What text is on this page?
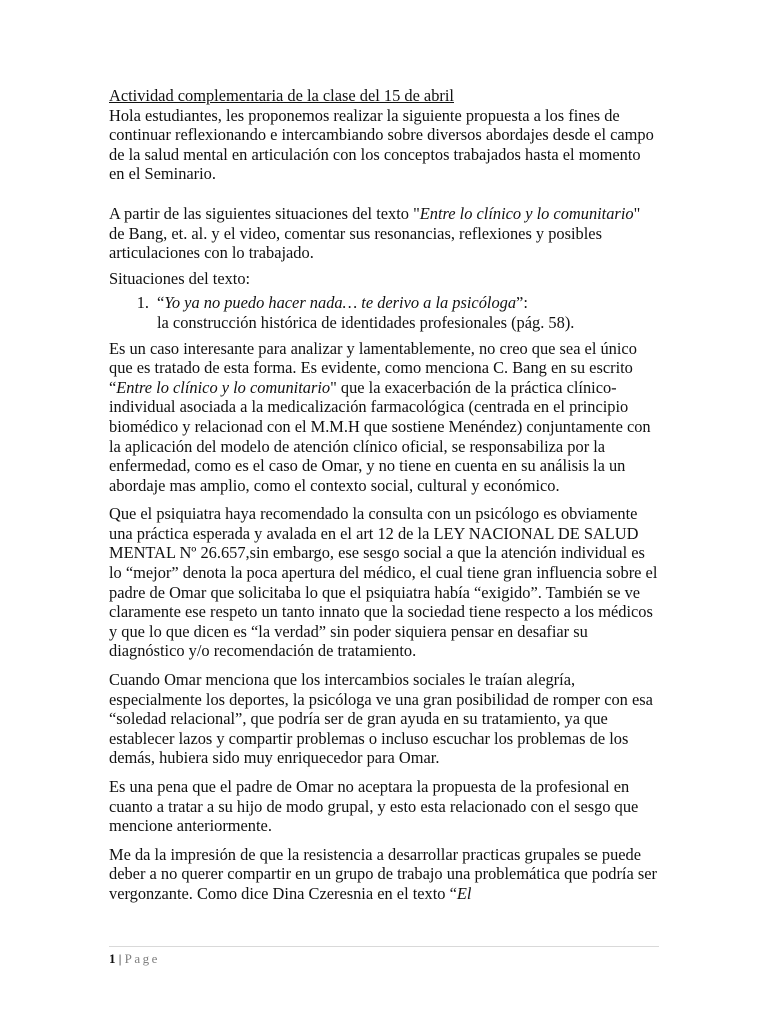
Actividad complementaria de la clase del 15 de abril

Hola estudiantes, les proponemos realizar la siguiente propuesta a los fines de continuar reflexionando e intercambiando sobre diversos abordajes desde el campo de la salud mental en articulación con los conceptos trabajados hasta el momento en el Seminario.

A partir de las siguientes situaciones del texto "Entre lo clínico y lo comunitario" de Bang, et. al. y el video, comentar sus resonancias, reflexiones y posibles articulaciones con lo trabajado.

Situaciones del texto:

1. “Yo ya no puedo hacer nada… te derivo a la psicóloga”:
la construcción histórica de identidades profesionales (pág. 58).

Es un caso interesante para analizar y lamentablemente, no creo que sea el único que es tratado de esta forma. Es evidente, como menciona C. Bang en su escrito “Entre lo clínico y lo comunitario" que la exacerbación de la práctica clínico-individual asociada a la medicalización farmacológica (centrada en el principio biomédico y relacionad con el M.M.H que sostiene Menéndez) conjuntamente con la aplicación del modelo de atención clínico oficial, se responsabiliza por la enfermedad, como es el caso de Omar, y no tiene en cuenta en su análisis la un abordaje mas amplio, como el contexto social, cultural y económico.

Que el psiquiatra haya recomendado la consulta con un psicólogo es obviamente una práctica esperada y avalada en el art 12 de la LEY NACIONAL DE SALUD MENTAL Nº 26.657,sin embargo, ese sesgo social a que la atención individual es lo “mejor” denota la poca apertura del médico, el cual tiene gran influencia sobre el padre de Omar que solicitaba lo que el psiquiatra había “exigido”. También se ve claramente ese respeto un tanto innato que la sociedad tiene respecto a los médicos y que lo que dicen es “la verdad” sin poder siquiera pensar en desafiar su diagnóstico y/o recomendación de tratamiento.

Cuando Omar menciona que los intercambios sociales le traían alegría, especialmente los deportes, la psicóloga ve una gran posibilidad de romper con esa “soledad relacional”, que podría ser de gran ayuda en su tratamiento, ya que establecer lazos y compartir problemas o incluso escuchar los problemas de los demás, hubiera sido muy enriquecedor para Omar.

Es una pena que el padre de Omar no aceptara la propuesta de la profesional en cuanto a tratar a su hijo de modo grupal, y esto esta relacionado con el sesgo que mencione anteriormente.

Me da la impresión de que la resistencia a desarrollar practicas grupales se puede deber a no querer compartir en un grupo de trabajo una problemática que podría ser vergonzante. Como dice Dina Czeresnia en el texto “El

1 | Page
